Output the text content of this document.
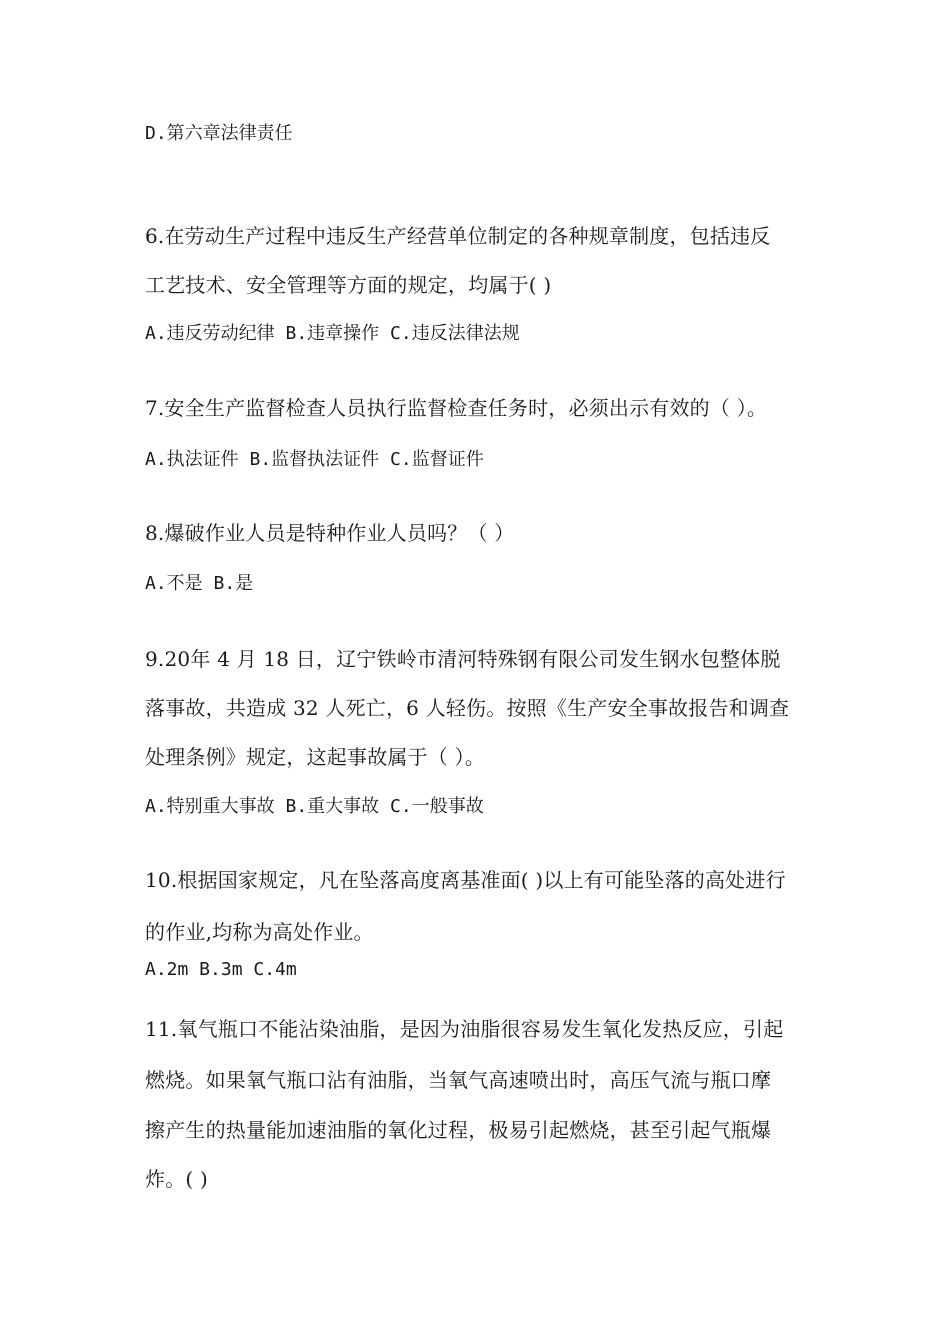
D.第六章法律责任
6.在劳动生产过程中违反生产经营单位制定的各种规章制度，包括违反
工艺技术、安全管理等方面的规定，均属于( )
A.违反劳动纪律 B.违章操作 C.违反法律法规
7.安全生产监督检查人员执行监督检查任务时，必须出示有效的（ ）。
A.执法证件 B.监督执法证件 C.监督证件
8.爆破作业人员是特种作业人员吗？（ ）
A.不是 B.是
9.20年 4 月 18 日，辽宁铁岭市清河特殊钢有限公司发生钢水包整体脱
落事故，共造成 32 人死亡，6 人轻伤。按照《生产安全事故报告和调查
处理条例》规定，这起事故属于（ ）。
A.特别重大事故 B.重大事故 C.一般事故
10.根据国家规定，凡在坠落高度离基准面( )以上有可能坠落的高处进行
的作业,均称为高处作业。
A.2m B.3m C.4m
11.氧气瓶口不能沾染油脂，是因为油脂很容易发生氧化发热反应，引起
燃烧。如果氧气瓶口沾有油脂，当氧气高速喷出时，高压气流与瓶口摩
擦产生的热量能加速油脂的氧化过程，极易引起燃烧，甚至引起气瓶爆
炸。( )
